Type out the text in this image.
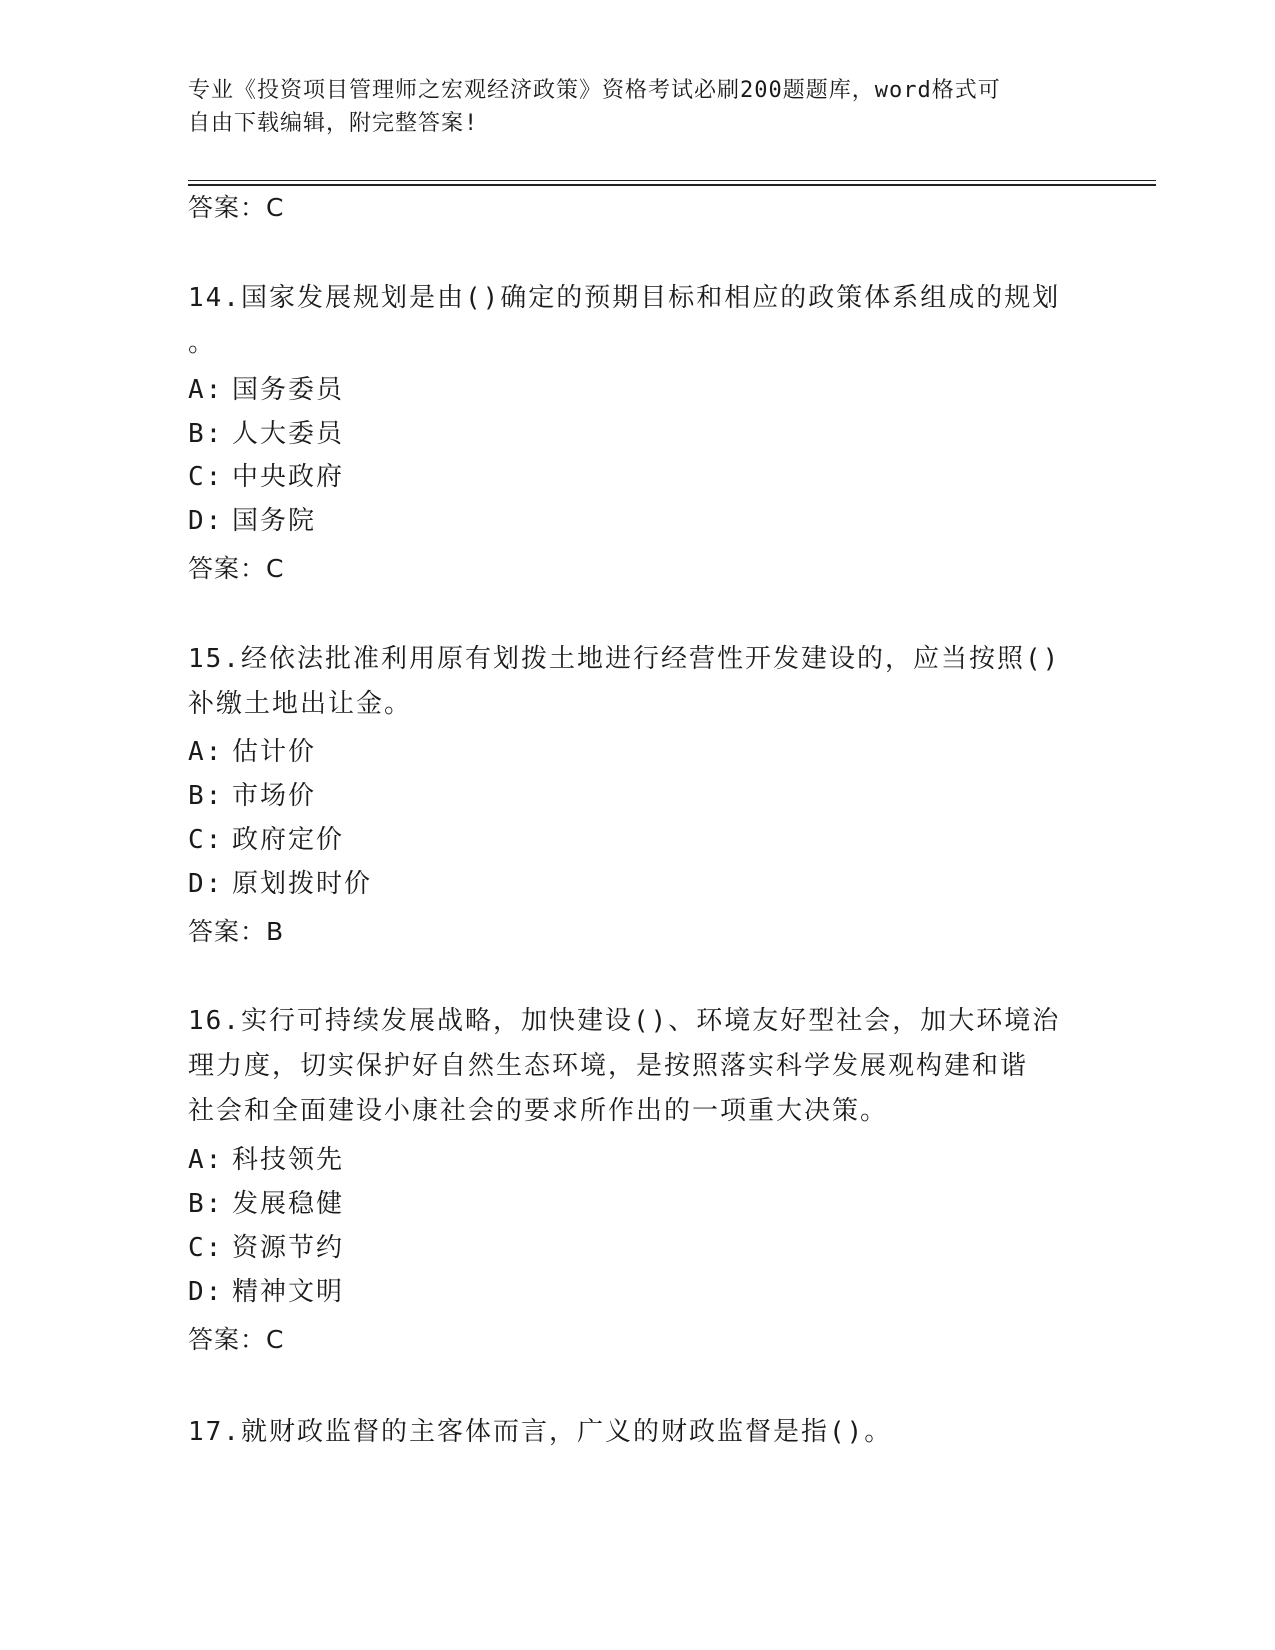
专业《投资项目管理师之宏观经济政策》资格考试必刷200题题库，word格式可
自由下载编辑，附完整答案!
答案：C
14.国家发展规划是由()确定的预期目标和相应的政策体系组成的规划
。
A: 国务委员
B: 人大委员
C: 中央政府
D: 国务院
答案：C
15.经依法批准利用原有划拨土地进行经营性开发建设的，应当按照()
补缴土地出让金。
A: 估计价
B: 市场价
C: 政府定价
D: 原划拨时价
答案：B
16.实行可持续发展战略，加快建设()、环境友好型社会，加大环境治
理力度，切实保护好自然生态环境，是按照落实科学发展观构建和谐
社会和全面建设小康社会的要求所作出的一项重大决策。
A: 科技领先
B: 发展稳健
C: 资源节约
D: 精神文明
答案：C
17.就财政监督的主客体而言，广义的财政监督是指()。
